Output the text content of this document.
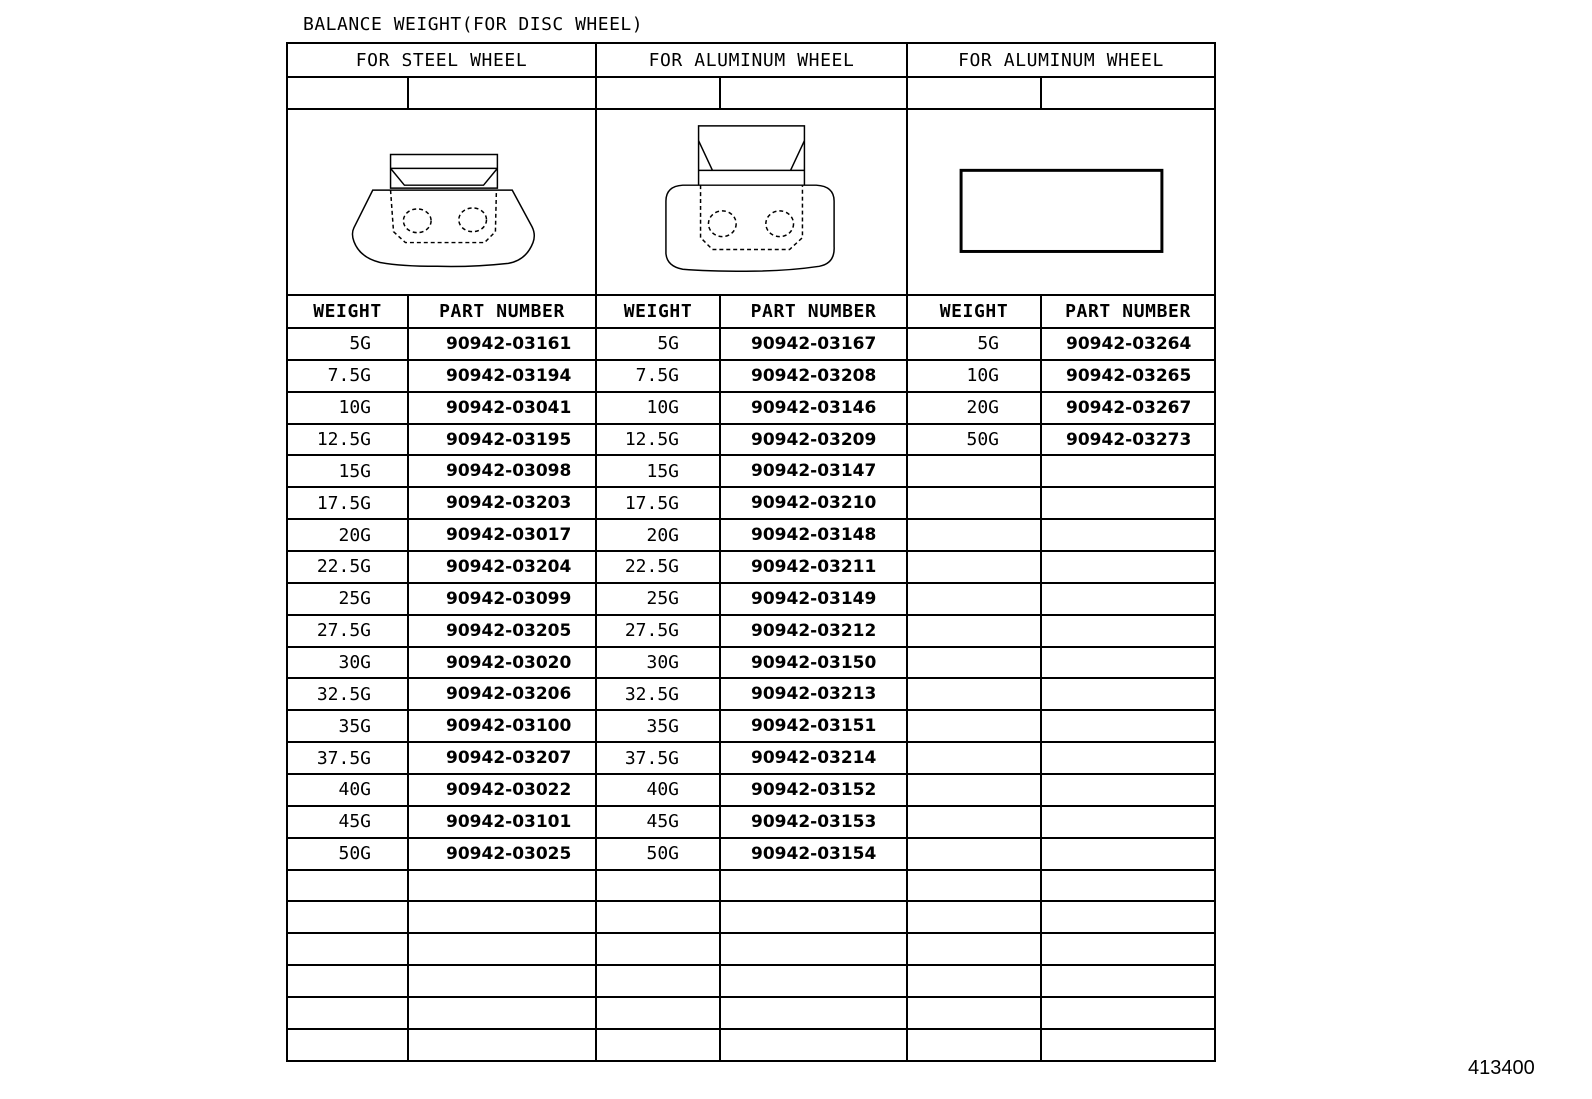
BALANCE WEIGHT(FOR DISC WHEEL)
FOR STEEL WHEEL	FOR ALUMINUM WHEEL	FOR ALUMINUM WHEEL
WEIGHT	PART NUMBER	WEIGHT	PART NUMBER	WEIGHT	PART NUMBER
5G	90942-03161	5G	90942-03167	5G	90942-03264
7.5G	90942-03194	7.5G	90942-03208	10G	90942-03265
10G	90942-03041	10G	90942-03146	20G	90942-03267
12.5G	90942-03195	12.5G	90942-03209	50G	90942-03273
15G	90942-03098	15G	90942-03147
17.5G	90942-03203	17.5G	90942-03210
20G	90942-03017	20G	90942-03148
22.5G	90942-03204	22.5G	90942-03211
25G	90942-03099	25G	90942-03149
27.5G	90942-03205	27.5G	90942-03212
30G	90942-03020	30G	90942-03150
32.5G	90942-03206	32.5G	90942-03213
35G	90942-03100	35G	90942-03151
37.5G	90942-03207	37.5G	90942-03214
40G	90942-03022	40G	90942-03152
45G	90942-03101	45G	90942-03153
50G	90942-03025	50G	90942-03154
413400
